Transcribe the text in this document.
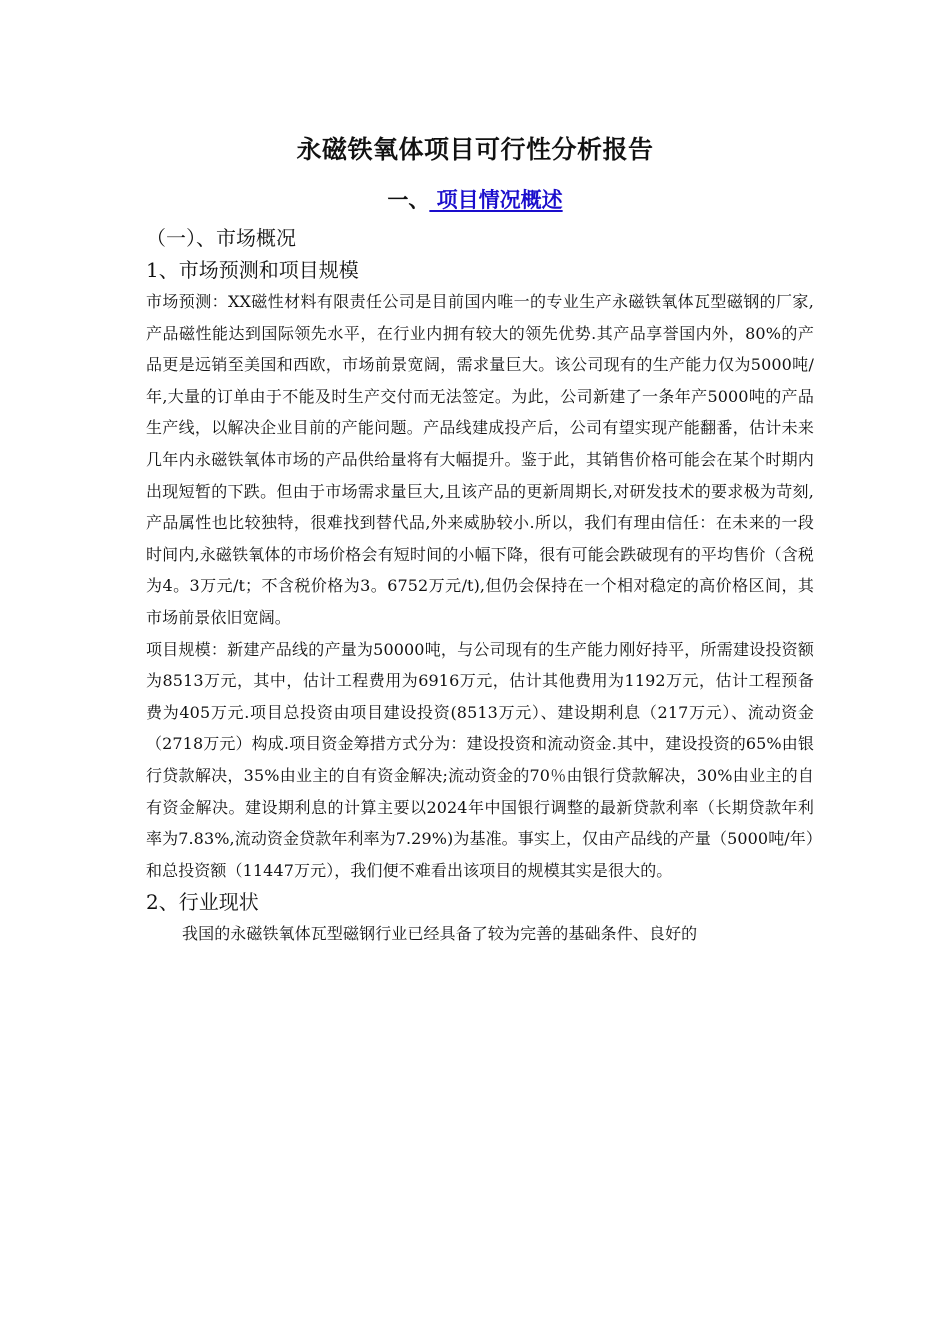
永磁铁氧体项目可行性分析报告
一、 项目情况概述

（一）、市场概况

1、市场预测和项目规模

市场预测：XX磁性材料有限责任公司是目前国内唯一的专业生产永磁铁氧体瓦型磁钢的厂家,产品磁性能达到国际领先水平，在行业内拥有较大的领先优势.其产品享誉国内外，80%的产品更是远销至美国和西欧，市场前景宽阔，需求量巨大。该公司现有的生产能力仅为5000吨/年,大量的订单由于不能及时生产交付而无法签定。为此，公司新建了一条年产5000吨的产品生产线，以解决企业目前的产能问题。产品线建成投产后，公司有望实现产能翻番，估计未来几年内永磁铁氧体市场的产品供给量将有大幅提升。鉴于此，其销售价格可能会在某个时期内出现短暂的下跌。但由于市场需求量巨大,且该产品的更新周期长,对研发技术的要求极为苛刻,产品属性也比较独特，很难找到替代品,外来威胁较小.所以，我们有理由信任：在未来的一段时间内,永磁铁氧体的市场价格会有短时间的小幅下降，很有可能会跌破现有的平均售价（含税为4。3万元/t；不含税价格为3。6752万元/t),但仍会保持在一个相对稳定的高价格区间，其市场前景依旧宽阔。

项目规模：新建产品线的产量为50000吨，与公司现有的生产能力刚好持平，所需建设投资额为8513万元，其中，估计工程费用为6916万元，估计其他费用为1192万元，估计工程预备费为405万元.项目总投资由项目建设投资(8513万元）、建设期利息（217万元）、流动资金（2718万元）构成.项目资金筹措方式分为：建设投资和流动资金.其中，建设投资的65%由银行贷款解决，35%由业主的自有资金解决;流动资金的70％由银行贷款解决，30%由业主的自有资金解决。建设期利息的计算主要以2024年中国银行调整的最新贷款利率（长期贷款年利率为7.83%,流动资金贷款年利率为7.29%)为基准。事实上，仅由产品线的产量（5000吨/年）和总投资额（11447万元），我们便不难看出该项目的规模其实是很大的。

2、行业现状

我国的永磁铁氧体瓦型磁钢行业已经具备了较为完善的基础条件、良好的
